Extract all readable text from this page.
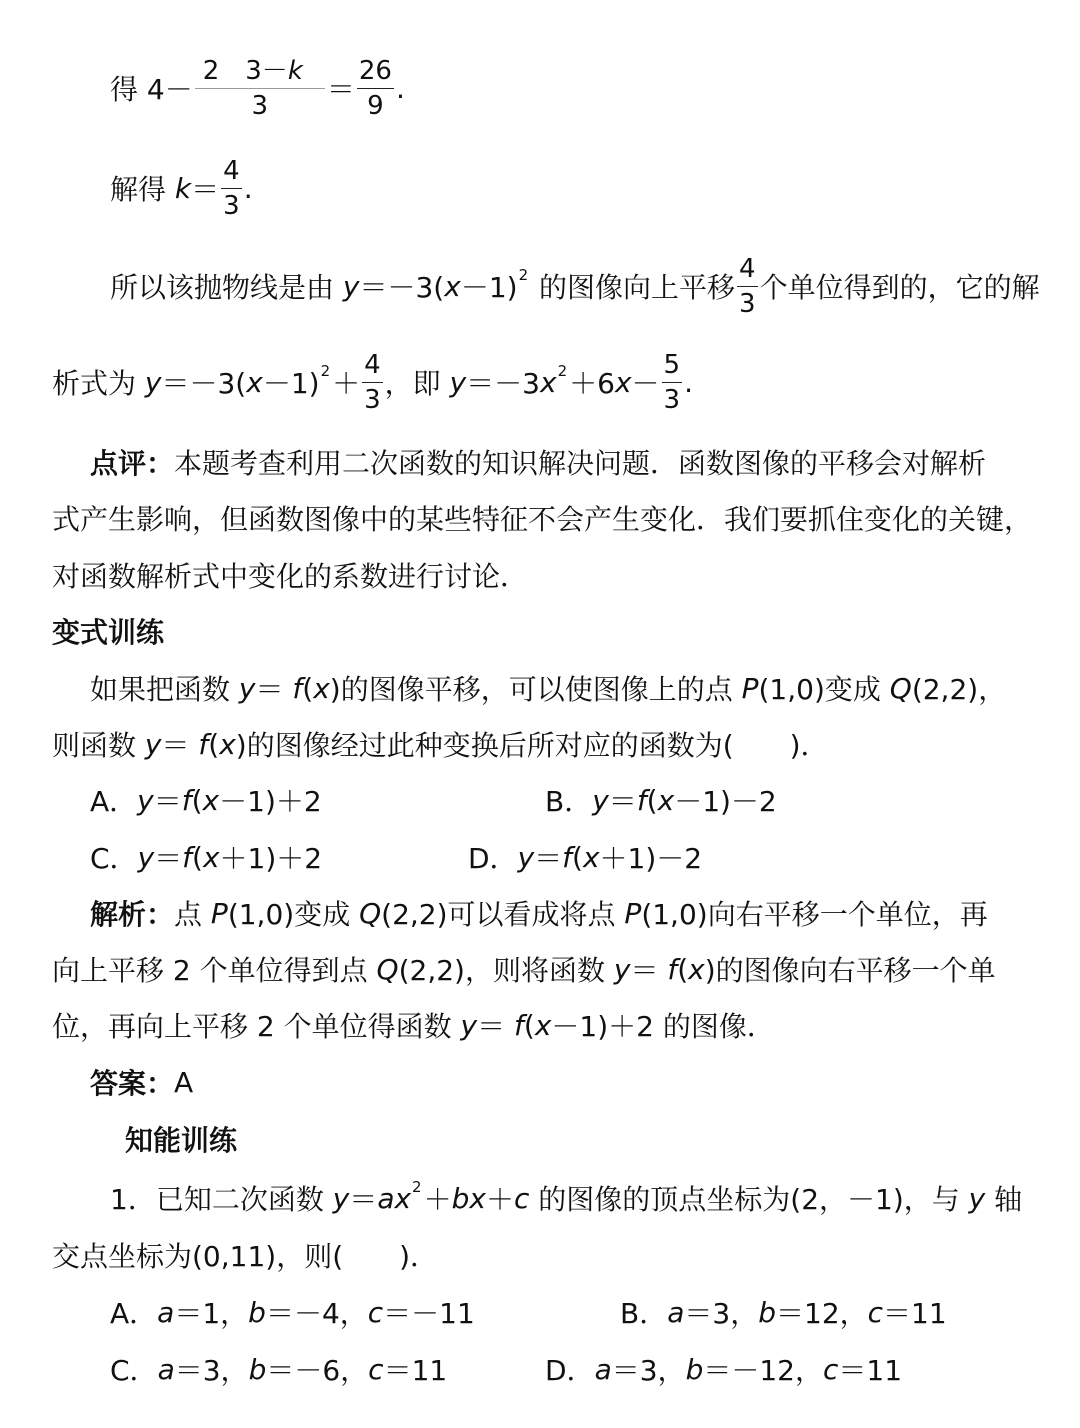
得 $4- \frac{2 3- k}{3} = \frac{26}{9}$ .
解得 $k = \frac{4}{3}$ .
所以该抛物线是由 y ＝－3( x －1) 2 的图像向上平移 $\frac{4}{3}$ 个单位得到的，它的解
析式为 y ＝－3( x －1) $2 + \frac{4}{3}$ ，即 y ＝－3 x 2 ＋6 $x - \frac{5}{3}$ .
点评： 本题考查利用二次函数的知识解决问题．函数图像的平移会对解析
式产生影响，但函数图像中的某些特征不会产生变化．我们要抓住变化的关键，
对函数解析式中变化的系数进行讨论．
变式训练
如果把函数 y ＝ f ( x )的图像平移，可以使图像上的点 P (1,0)变成 Q (2,2)，
则函数 y ＝ f ( x )的图像经过此种变换后所对应的函数为(　　)．
A． y ＝ f ( x －1)＋2	B． y ＝ f ( x －1)－2
C． y ＝ f ( x ＋1)＋2	D． y ＝ f ( x ＋1)－2
解析： 点 P (1,0)变成 Q (2,2)可以看成将点 P (1,0)向右平移一个单位，再
向上平移 2 个单位得到点 Q (2,2)，则将函数 y ＝ f ( x )的图像向右平移一个单
位，再向上平移 2 个单位得函数 y ＝ f ( x －1)＋2 的图像．
答案： A
知能训练
1．已知二次函数 y ＝ ax 2 ＋ bx ＋ c 的图像的顶点坐标为(2，－1)，与 y 轴
交点坐标为(0,11)，则(　　)．
A． a ＝1， b ＝－4， c ＝－11	B． a ＝3， b ＝12， c ＝11
C． a ＝3， b ＝－6， c ＝11	D． a ＝3， b ＝－12， c ＝11
